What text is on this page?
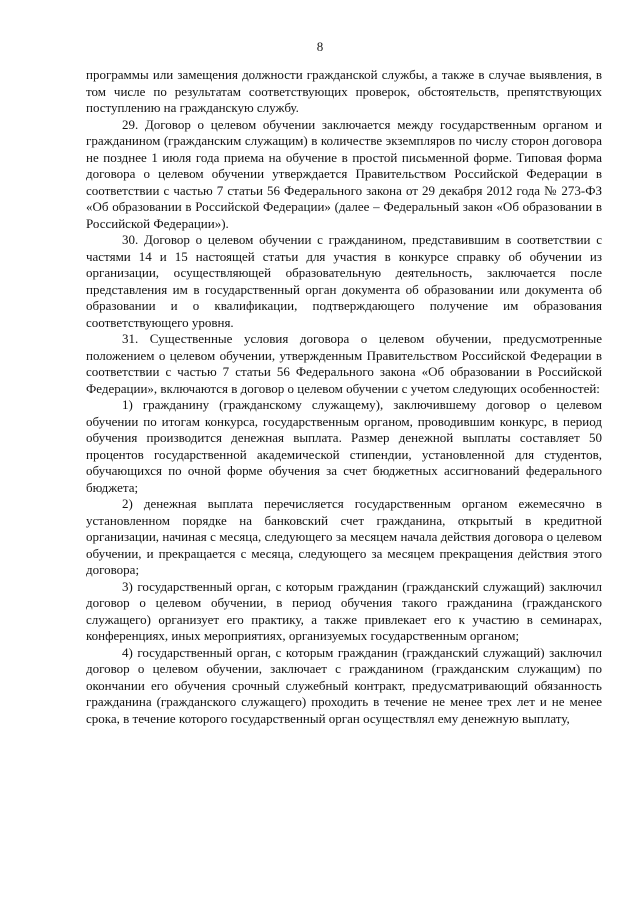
8

программы или замещения должности гражданской службы, а также в случае выявления, в том числе по результатам соответствующих проверок, обстоятельств, препятствующих поступлению на гражданскую службу.

29. Договор о целевом обучении заключается между государственным органом и гражданином (гражданским служащим) в количестве экземпляров по числу сторон договора не позднее 1 июля года приема на обучение в простой письменной форме. Типовая форма договора о целевом обучении утверждается Правительством Российской Федерации в соответствии с частью 7 статьи 56 Федерального закона от 29 декабря 2012 года № 273-ФЗ «Об образовании в Российской Федерации» (далее – Федеральный закон «Об образовании в Российской Федерации»).

30. Договор о целевом обучении с гражданином, представившим в соответствии с частями 14 и 15 настоящей статьи для участия в конкурсе справку об обучении из организации, осуществляющей образовательную деятельность, заключается после представления им в государственный орган документа об образовании или документа об образовании и о квалификации, подтверждающего получение им образования соответствующего уровня.

31. Существенные условия договора о целевом обучении, предусмотренные положением о целевом обучении, утвержденным Правительством Российской Федерации в соответствии с частью 7 статьи 56 Федерального закона «Об образовании в Российской Федерации», включаются в договор о целевом обучении с учетом следующих особенностей:

1) гражданину (гражданскому служащему), заключившему договор о целевом обучении по итогам конкурса, государственным органом, проводившим конкурс, в период обучения производится денежная выплата. Размер денежной выплаты составляет 50 процентов государственной академической стипендии, установленной для студентов, обучающихся по очной форме обучения за счет бюджетных ассигнований федерального бюджета;

2) денежная выплата перечисляется государственным органом ежемесячно в установленном порядке на банковский счет гражданина, открытый в кредитной организации, начиная с месяца, следующего за месяцем начала действия договора о целевом обучении, и прекращается с месяца, следующего за месяцем прекращения действия этого договора;

3) государственный орган, с которым гражданин (гражданский служащий) заключил договор о целевом обучении, в период обучения такого гражданина (гражданского служащего) организует его практику, а также привлекает его к участию в семинарах, конференциях, иных мероприятиях, организуемых государственным органом;

4) государственный орган, с которым гражданин (гражданский служащий) заключил договор о целевом обучении, заключает с гражданином (гражданским служащим) по окончании его обучения срочный служебный контракт, предусматривающий обязанность гражданина (гражданского служащего) проходить в течение не менее трех лет и не менее срока, в течение которого государственный орган осуществлял ему денежную выплату,
